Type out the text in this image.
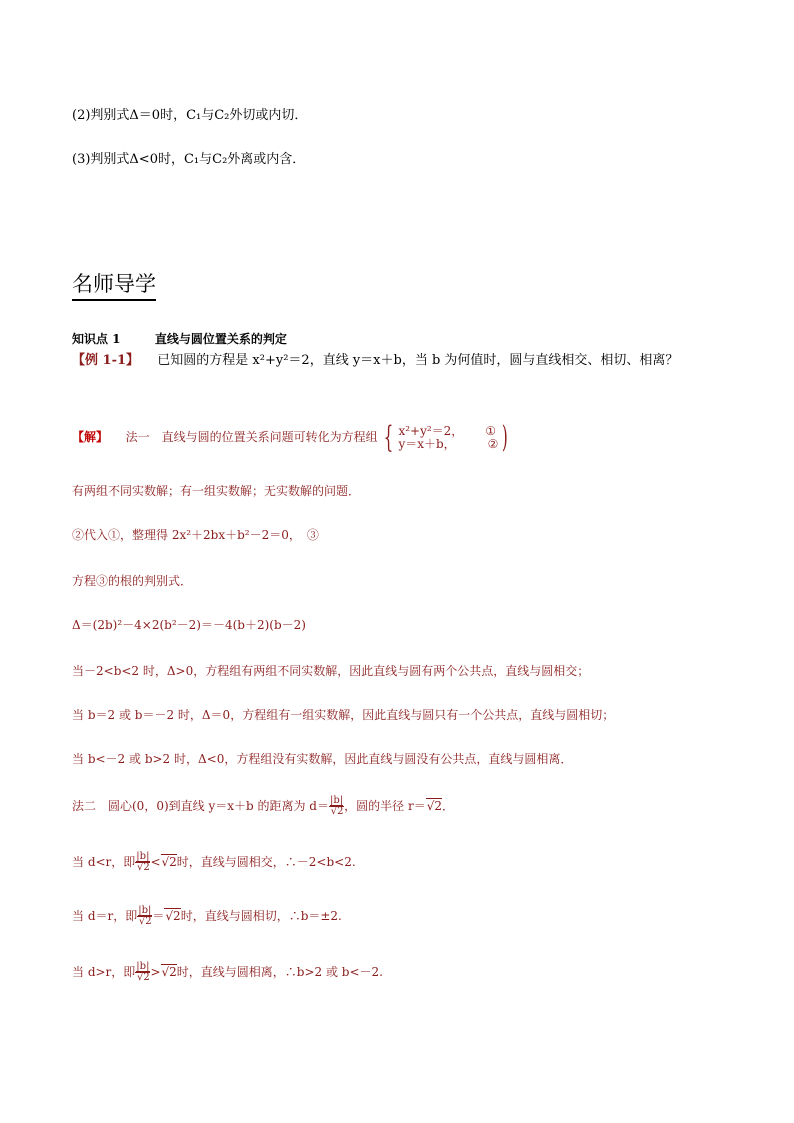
(2)判别式Δ＝0时，C₁与C₂外切或内切．
(3)判别式Δ<0时，C₁与C₂外离或内含．
名师导学
知识点 1	直线与圆位置关系的判定
【例 1-1】 已知圆的方程是 x²+y²＝2，直线 y＝x＋b，当 b 为何值时，圆与直线相交、相切、相离？
【解】 法一　直线与圆的位置关系问题可转化为方程组 { x²+y²＝2， ①
y＝x＋b，	② )
有两组不同实数解；有一组实数解；无实数解的问题．
②代入①，整理得 2x²＋2bx＋b²－2＝0，　③
方程③的根的判别式．
Δ＝(2b)²－4×2(b²－2)＝－4(b＋2)(b－2)
当－2<b<2 时，Δ>0，方程组有两组不同实数解，因此直线与圆有两个公共点，直线与圆相交；
当 b＝2 或 b＝－2 时，Δ＝0，方程组有一组实数解，因此直线与圆只有一个公共点，直线与圆相切；
当 b<－2 或 b>2 时，Δ<0，方程组没有实数解，因此直线与圆没有公共点，直线与圆相离．
法二　圆心(0，0)到直线 y＝x＋b 的距离为 d＝ |b|
√ 2 ，圆的半径 r＝ √ 2．
当 d<r，即 |b|
√ 2 < √ 2时，直线与圆相交，∴－2<b<2.
当 d＝r，即 |b|
√ 2 ＝ √ 2时，直线与圆相切，∴b＝±2.
当 d>r，即 |b|
√ 2 > √ 2时，直线与圆相离，∴b>2 或 b<－2.
